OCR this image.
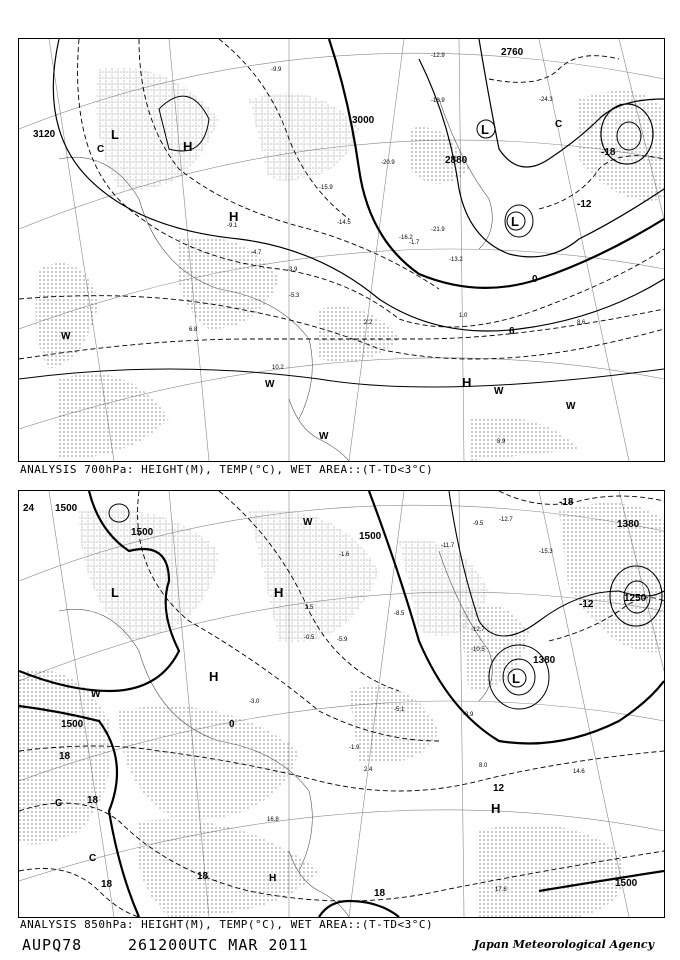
3120
3000
2880
2760
0
-12
-18
6
L
H
H
L
L
H
W
W
W
W
W
C
C
-12.9
-20.9
-18.9	-24.3
-21.9
-13.2
-16.2
-9.9
-15.9
-14.5
-9.1
-4.7
-3.9
1.0
2.2
6.8
8.6
10.2
8.9
-1.7
-5.3
ANALYSIS 700hPa: HEIGHT(M), TEMP(°C), WET AREA::(T-TD<3°C)
24 1500
1500	1500
1500
1500
1380
1380
1250
18
18
18
18
18
12
-12
-18
0
L	H
H	L
H
W
W
C
C
H
-9.5
-12.7
-15.3
-11.7
-8.5
-5.9
-1.6
-0.5
2.5
-3.0
-5.1
-3.9
-1.9
2.4
8.0
14.6
17.8
16.8
-12.7
-10.5
ANALYSIS 850hPa: HEIGHT(M), TEMP(°C), WET AREA::(T-TD<3°C)
AUPQ78	261200UTC MAR 2011	Japan Meteorological Agency
